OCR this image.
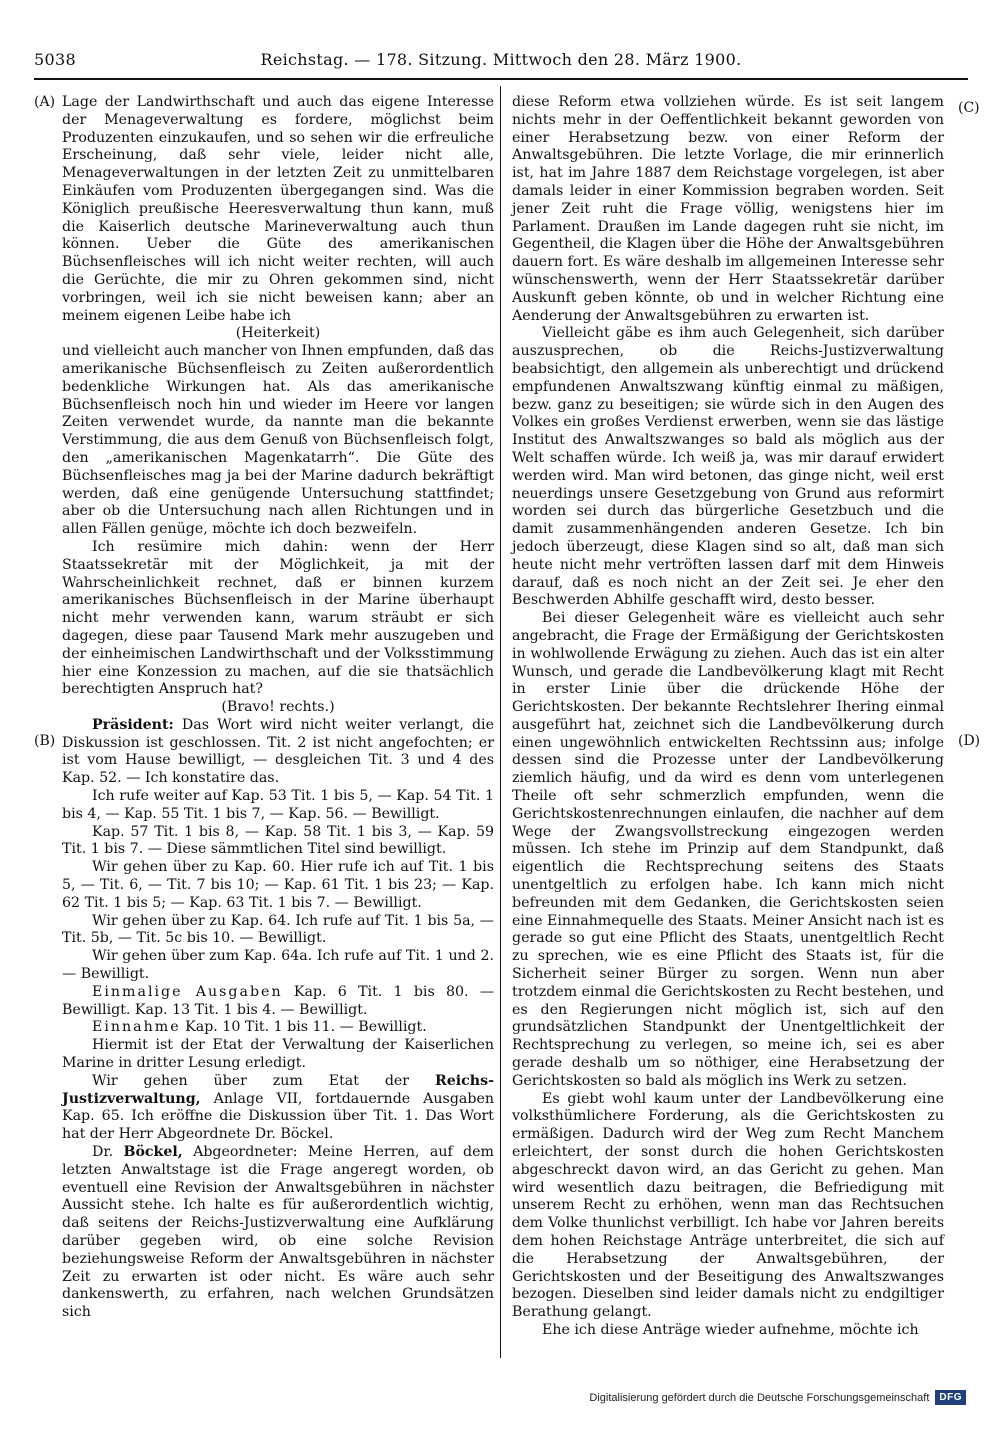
5038	Reichstag. — 178. Sitzung. Mittwoch den 28. März 1900.
(A)
(B)
(C)
(D)

Lage der Landwirthschaft und auch das eigene Interesse der Menageverwaltung es fordere, möglichst beim Produzenten einzukaufen, und so sehen wir die erfreuliche Erscheinung, daß sehr viele, leider nicht alle, Menageverwaltungen in der letzten Zeit zu unmittelbaren Einkäufen vom Produzenten übergegangen sind. Was die Königlich preußische Heeresverwaltung thun kann, muß die Kaiserlich deutsche Marineverwaltung auch thun können. Ueber die Güte des amerikanischen Büchsenfleisches will ich nicht weiter rechten, will auch die Gerüchte, die mir zu Ohren gekommen sind, nicht vorbringen, weil ich sie nicht beweisen kann; aber an meinem eigenen Leibe habe ich

(Heiterkeit)

und vielleicht auch mancher von Ihnen empfunden, daß das amerikanische Büchsenfleisch zu Zeiten außerordentlich bedenkliche Wirkungen hat. Als das amerikanische Büchsenfleisch noch hin und wieder im Heere vor langen Zeiten verwendet wurde, da nannte man die bekannte Verstimmung, die aus dem Genuß von Büchsenfleisch folgt, den „amerikanischen Magenkatarrh“. Die Güte des Büchsenfleisches mag ja bei der Marine dadurch bekräftigt werden, daß eine genügende Untersuchung stattfindet; aber ob die Untersuchung nach allen Richtungen und in allen Fällen genüge, möchte ich doch bezweifeln.

Ich resümire mich dahin: wenn der Herr Staatssekretär mit der Möglichkeit, ja mit der Wahrscheinlichkeit rechnet, daß er binnen kurzem amerikanisches Büchsenfleisch in der Marine überhaupt nicht mehr verwenden kann, warum sträubt er sich dagegen, diese paar Tausend Mark mehr auszugeben und der einheimischen Landwirthschaft und der Volksstimmung hier eine Konzession zu machen, auf die sie thatsächlich berechtigten Anspruch hat?

(Bravo! rechts.)

Präsident: Das Wort wird nicht weiter verlangt, die Diskussion ist geschlossen. Tit. 2 ist nicht angefochten; er ist vom Hause bewilligt, — desgleichen Tit. 3 und 4 des Kap. 52. — Ich konstatire das.

Ich rufe weiter auf Kap. 53 Tit. 1 bis 5, — Kap. 54 Tit. 1 bis 4, — Kap. 55 Tit. 1 bis 7, — Kap. 56. — Bewilligt.

Kap. 57 Tit. 1 bis 8, — Kap. 58 Tit. 1 bis 3, — Kap. 59 Tit. 1 bis 7. — Diese sämmtlichen Titel sind bewilligt.

Wir gehen über zu Kap. 60. Hier rufe ich auf Tit. 1 bis 5, — Tit. 6, — Tit. 7 bis 10; — Kap. 61 Tit. 1 bis 23; — Kap. 62 Tit. 1 bis 5; — Kap. 63 Tit. 1 bis 7. — Bewilligt.

Wir gehen über zu Kap. 64. Ich rufe auf Tit. 1 bis 5a, — Tit. 5b, — Tit. 5c bis 10. — Bewilligt.

Wir gehen über zum Kap. 64a. Ich rufe auf Tit. 1 und 2. — Bewilligt.

Einmalige Ausgaben Kap. 6 Tit. 1 bis 80. — Bewilligt. Kap. 13 Tit. 1 bis 4. — Bewilligt.

Einnahme Kap. 10 Tit. 1 bis 11. — Bewilligt.

Hiermit ist der Etat der Verwaltung der Kaiserlichen Marine in dritter Lesung erledigt.

Wir gehen über zum Etat der Reichs-Justizverwaltung, Anlage VII, fortdauernde Ausgaben Kap. 65. Ich eröffne die Diskussion über Tit. 1. Das Wort hat der Herr Abgeordnete Dr. Böckel.

Dr. Böckel, Abgeordneter: Meine Herren, auf dem letzten Anwaltstage ist die Frage angeregt worden, ob eventuell eine Revision der Anwaltsgebühren in nächster Aussicht stehe. Ich halte es für außerordentlich wichtig, daß seitens der Reichs-Justizverwaltung eine Aufklärung darüber gegeben wird, ob eine solche Revision beziehungsweise Reform der Anwaltsgebühren in nächster Zeit zu erwarten ist oder nicht. Es wäre auch sehr dankenswerth, zu erfahren, nach welchen Grundsätzen sich

diese Reform etwa vollziehen würde. Es ist seit langem nichts mehr in der Oeffentlichkeit bekannt geworden von einer Herabsetzung bezw. von einer Reform der Anwaltsgebühren. Die letzte Vorlage, die mir erinnerlich ist, hat im Jahre 1887 dem Reichstage vorgelegen, ist aber damals leider in einer Kommission begraben worden. Seit jener Zeit ruht die Frage völlig, wenigstens hier im Parlament. Draußen im Lande dagegen ruht sie nicht, im Gegentheil, die Klagen über die Höhe der Anwaltsgebühren dauern fort. Es wäre deshalb im allgemeinen Interesse sehr wünschenswerth, wenn der Herr Staatssekretär darüber Auskunft geben könnte, ob und in welcher Richtung eine Aenderung der Anwaltsgebühren zu erwarten ist.

Vielleicht gäbe es ihm auch Gelegenheit, sich darüber auszusprechen, ob die Reichs-Justizverwaltung beabsichtigt, den allgemein als unberechtigt und drückend empfundenen Anwaltszwang künftig einmal zu mäßigen, bezw. ganz zu beseitigen; sie würde sich in den Augen des Volkes ein großes Verdienst erwerben, wenn sie das lästige Institut des Anwaltszwanges so bald als möglich aus der Welt schaffen würde. Ich weiß ja, was mir darauf erwidert werden wird. Man wird betonen, das ginge nicht, weil erst neuerdings unsere Gesetzgebung von Grund aus reformirt worden sei durch das bürgerliche Gesetzbuch und die damit zusammenhängenden anderen Gesetze. Ich bin jedoch überzeugt, diese Klagen sind so alt, daß man sich heute nicht mehr vertröften lassen darf mit dem Hinweis darauf, daß es noch nicht an der Zeit sei. Je eher den Beschwerden Abhilfe geschafft wird, desto besser.

Bei dieser Gelegenheit wäre es vielleicht auch sehr angebracht, die Frage der Ermäßigung der Gerichtskosten in wohlwollende Erwägung zu ziehen. Auch das ist ein alter Wunsch, und gerade die Landbevölkerung klagt mit Recht in erster Linie über die drückende Höhe der Gerichtskosten. Der bekannte Rechtslehrer Ihering einmal ausgeführt hat, zeichnet sich die Landbevölkerung durch einen ungewöhnlich entwickelten Rechtssinn aus; infolge dessen sind die Prozesse unter der Landbevölkerung ziemlich häufig, und da wird es denn vom unterlegenen Theile oft sehr schmerzlich empfunden, wenn die Gerichtskostenrechnungen einlaufen, die nachher auf dem Wege der Zwangsvollstreckung eingezogen werden müssen. Ich stehe im Prinzip auf dem Standpunkt, daß eigentlich die Rechtsprechung seitens des Staats unentgeltlich zu erfolgen habe. Ich kann mich nicht befreunden mit dem Gedanken, die Gerichtskosten seien eine Einnahmequelle des Staats. Meiner Ansicht nach ist es gerade so gut eine Pflicht des Staats, unentgeltlich Recht zu sprechen, wie es eine Pflicht des Staats ist, für die Sicherheit seiner Bürger zu sorgen. Wenn nun aber trotzdem einmal die Gerichtskosten zu Recht bestehen, und es den Regierungen nicht möglich ist, sich auf den grundsätzlichen Standpunkt der Unentgeltlichkeit der Rechtsprechung zu verlegen, so meine ich, sei es aber gerade deshalb um so nöthiger, eine Herabsetzung der Gerichtskosten so bald als möglich ins Werk zu setzen.

Es giebt wohl kaum unter der Landbevölkerung eine volksthümlichere Forderung, als die Gerichtskosten zu ermäßigen. Dadurch wird der Weg zum Recht Manchem erleichtert, der sonst durch die hohen Gerichtskosten abgeschreckt davon wird, an das Gericht zu gehen. Man wird wesentlich dazu beitragen, die Befriedigung mit unserem Recht zu erhöhen, wenn man das Rechtsuchen dem Volke thunlichst verbilligt. Ich habe vor Jahren bereits dem hohen Reichstage Anträge unterbreitet, die sich auf die Herabsetzung der Anwaltsgebühren, der Gerichtskosten und der Beseitigung des Anwaltszwanges bezogen. Dieselben sind leider damals nicht zu endgiltiger Berathung gelangt.

Ehe ich diese Anträge wieder aufnehme, möchte ich

Digitalisierung gefördert durch die Deutsche Forschungsgemeinschaft	DFG
